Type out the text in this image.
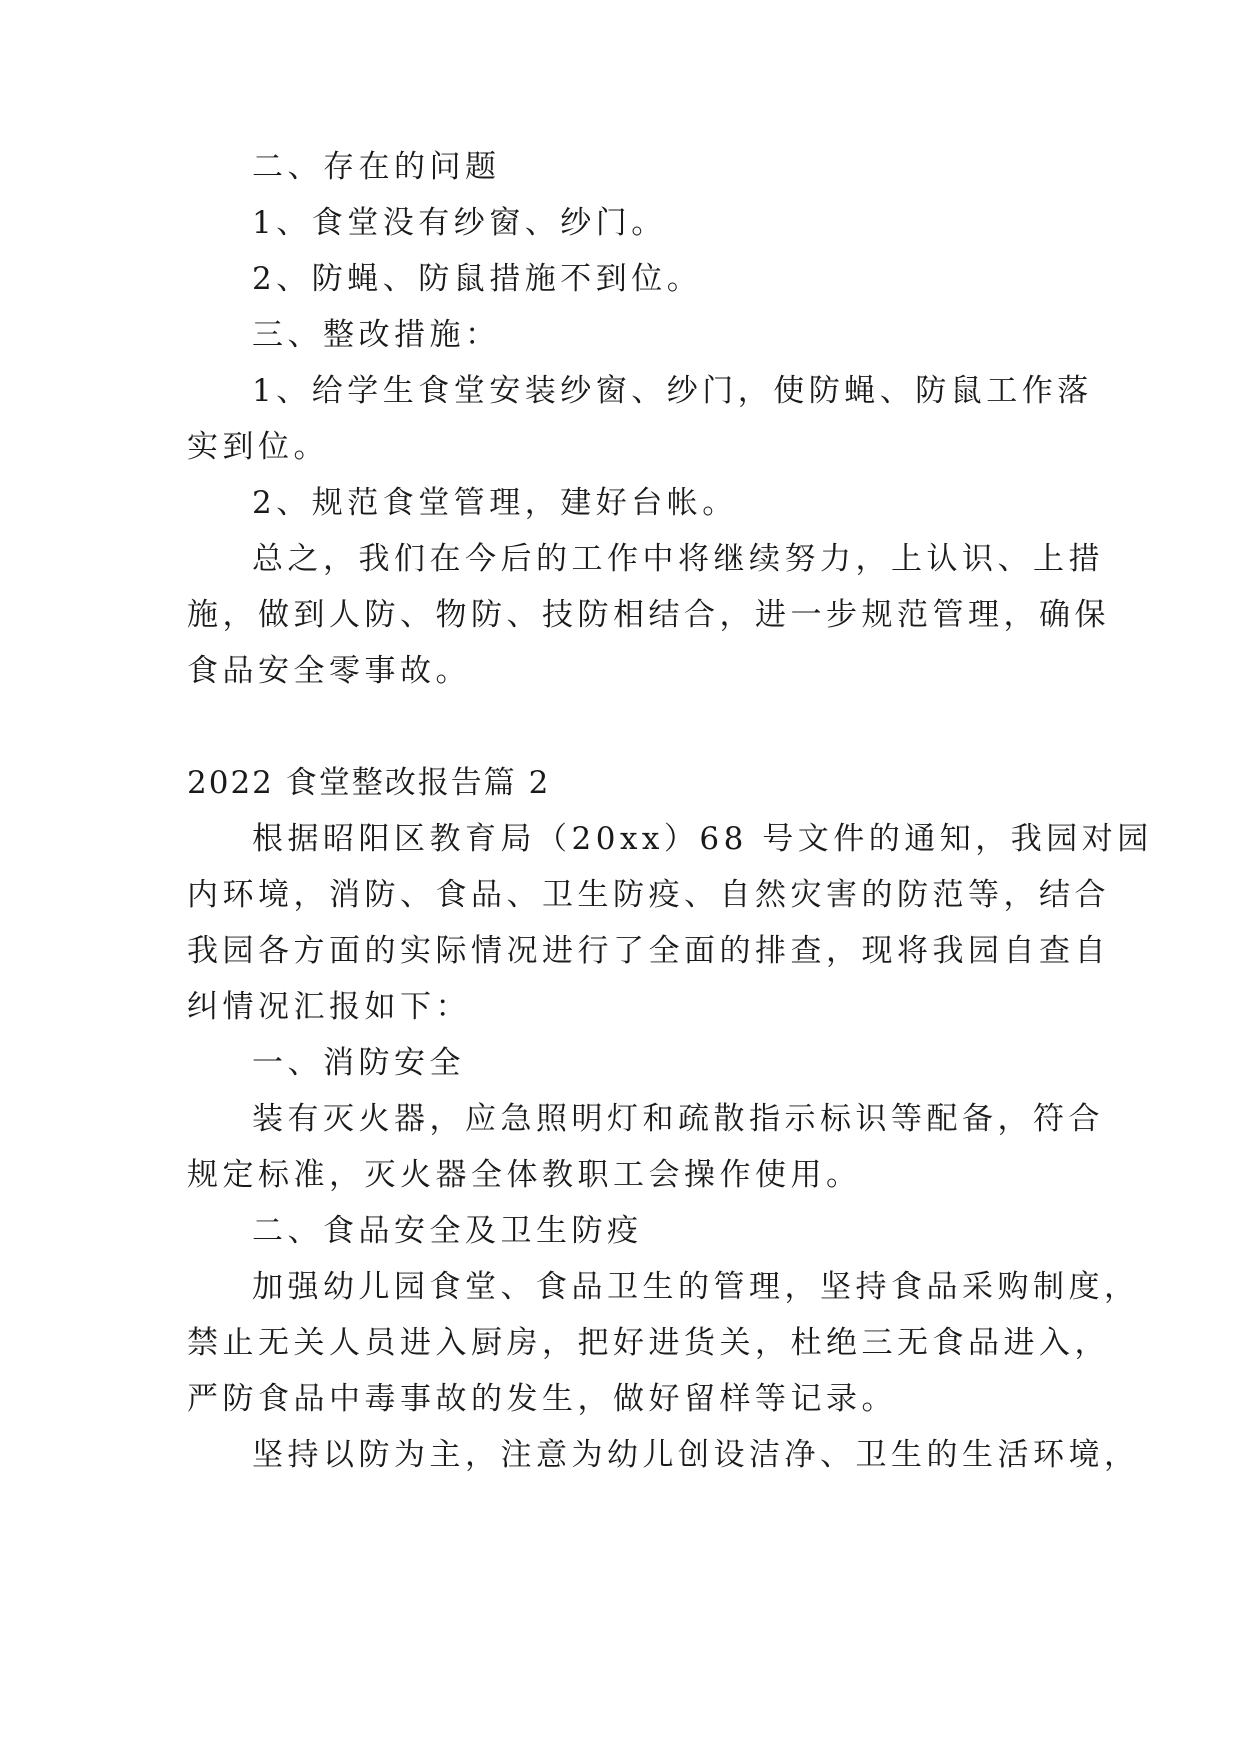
二、存在的问题
1、食堂没有纱窗、纱门。
2、防蝇、防鼠措施不到位。
三、整改措施：
1、给学生食堂安装纱窗、纱门，使防蝇、防鼠工作落
实到位。
2、规范食堂管理，建好台帐。
总之，我们在今后的工作中将继续努力，上认识、上措
施，做到人防、物防、技防相结合，进一步规范管理，确保
食品安全零事故。
2022 食堂整改报告篇 2
根据昭阳区教育局（20xx）68 号文件的通知，我园对园
内环境，消防、食品、卫生防疫、自然灾害的防范等，结合
我园各方面的实际情况进行了全面的排查，现将我园自查自
纠情况汇报如下：
一、消防安全
装有灭火器，应急照明灯和疏散指示标识等配备，符合
规定标准，灭火器全体教职工会操作使用。
二、食品安全及卫生防疫
加强幼儿园食堂、食品卫生的管理，坚持食品采购制度，
禁止无关人员进入厨房，把好进货关，杜绝三无食品进入，
严防食品中毒事故的发生，做好留样等记录。
坚持以防为主，注意为幼儿创设洁净、卫生的生活环境，
